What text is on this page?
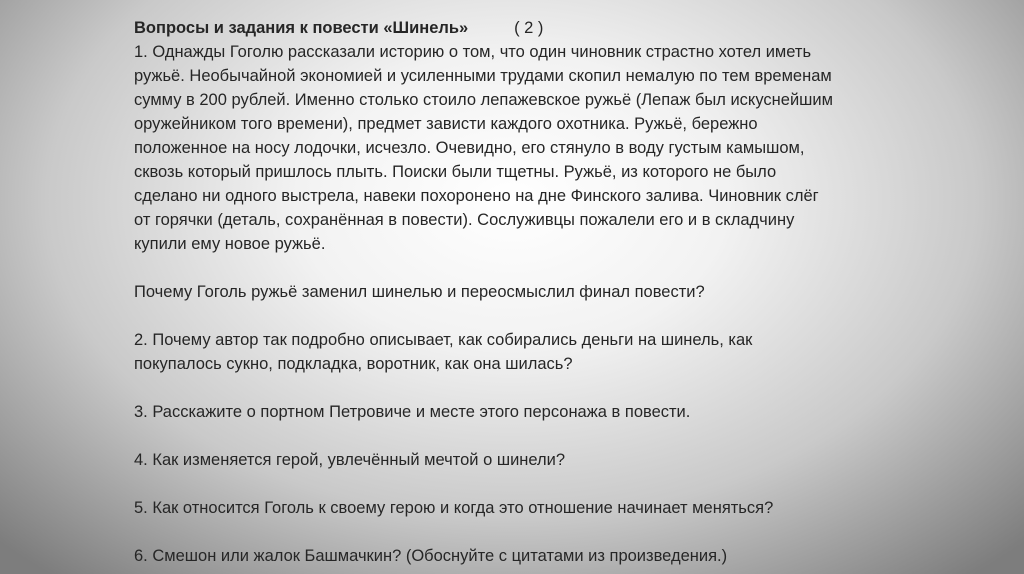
Вопросы и задания к повести «Шинель»	( 2 )

1. Однажды Гоголю рассказали историю о том, что один чиновник страстно хотел иметь
ружьё. Необычайной экономией и усиленными трудами скопил немалую по тем временам
сумму в 200 рублей. Именно столько стоило лепажевское ружьё (Лепаж был искуснейшим
оружейником того времени), предмет зависти каждого охотника. Ружьё, бережно
положенное на носу лодочки, исчезло. Очевидно, его стянуло в воду густым камышом,
сквозь который пришлось плыть. Поиски были тщетны. Ружьё, из которого не было
сделано ни одного выстрела, навеки похоронено на дне Финского залива. Чиновник слёг
от горячки (деталь, сохранённая в повести). Сослуживцы пожалели его и в складчину
купили ему новое ружьё.

Почему Гоголь ружьё заменил шинелью и переосмыслил финал повести?

2. Почему автор так подробно описывает, как собирались деньги на шинель, как
покупалось сукно, подкладка, воротник, как она шилась?

3. Расскажите о портном Петровиче и месте этого персонажа в повести.

4. Как изменяется герой, увлечённый мечтой о шинели?

5. Как относится Гоголь к своему герою и когда это отношение начинает меняться?

6. Смешон или жалок Башмачкин? (Обоснуйте с цитатами из произведения.)
